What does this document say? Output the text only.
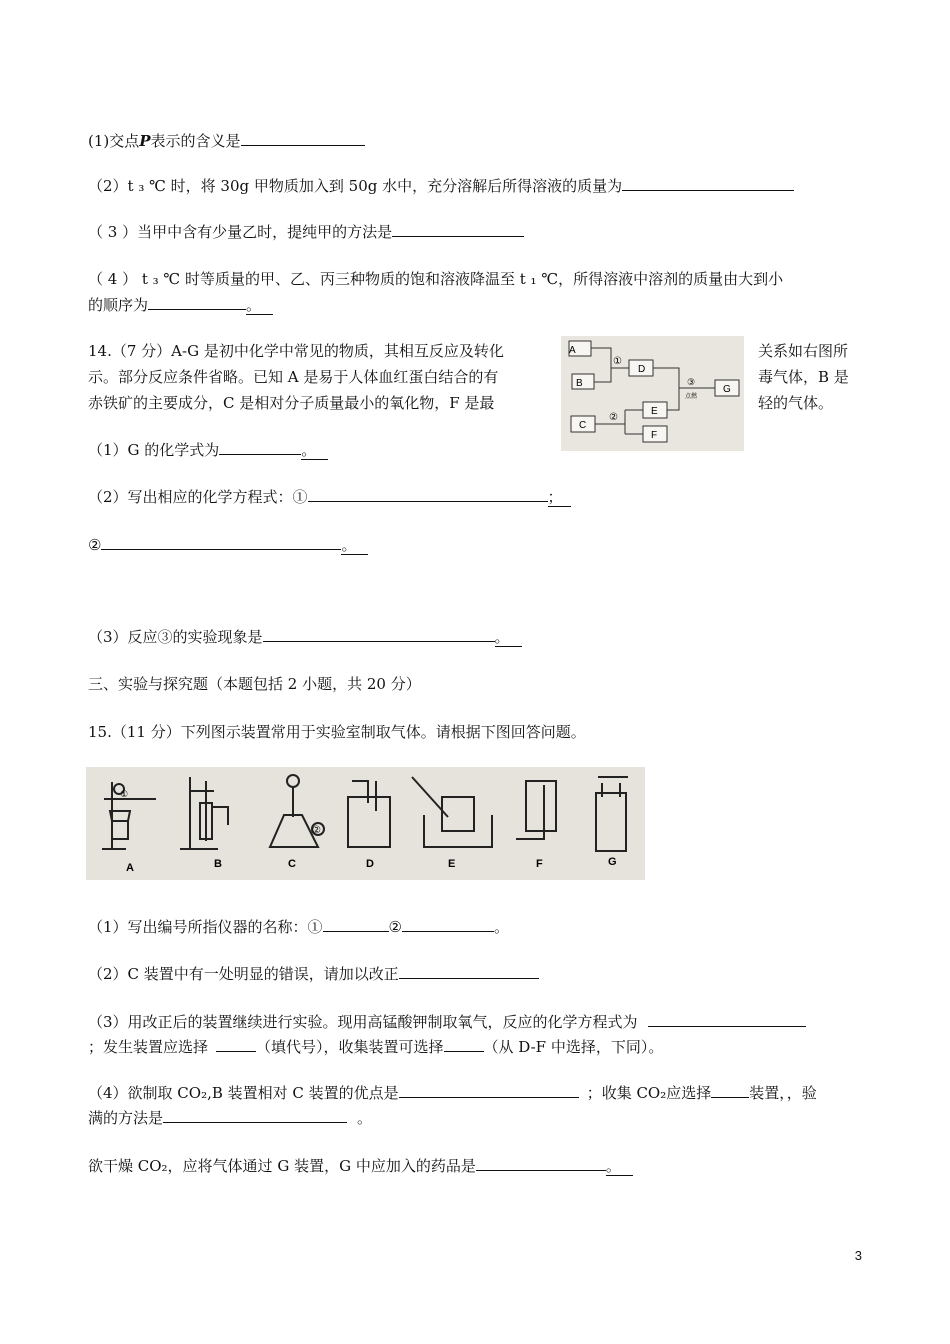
(1)交点P表示的含义是
（2）t ₃ ℃ 时，将 30g 甲物质加入到 50g 水中，充分溶解后所得溶液的质量为
（ 3 ）当甲中含有少量乙时，提纯甲的方法是
（ 4 ） t ₃ ℃ 时等质量的甲、乙、丙三种物质的饱和溶液降温至 t ₁ ℃，所得溶液中溶剂的质量由大到小
的顺序为	。
14.（7 分）A-G 是初中化学中常见的物质，其相互反应及转化
示。部分反应条件省略。已知 A 是易于人体血红蛋白结合的有
赤铁矿的主要成分，C 是相对分子质量最小的氧化物，F 是最
关系如右图所
毒气体，B 是
轻的气体。
A
B
C
D
E
F
G
①
②
③
点燃
（1）G 的化学式为	。
（2）写出相应的化学方程式：①	；
②	。
（3）反应③的实验现象是	。
三、实验与探究题（本题包括 2 小题，共 20 分）
15.（11 分）下列图示装置常用于实验室制取气体。请根据下图回答问题。
①
②
A	B	C	D	E	F	G
（1）写出编号所指仪器的名称：①	②	。
（2）C 装置中有一处明显的错误，请加以改正
（3）用改正后的装置继续进行实验。现用高锰酸钾制取氧气，反应的化学方程式为
；发生装置应选择	（填代号），收集装置可选择	（从 D-F 中选择，下同）。
（4）欲制取 CO₂,B 装置相对 C 装置的优点是	；收集 CO₂应选择	装置，，验
满的方法是	。
欲干燥 CO₂，应将气体通过 G 装置，G 中应加入的药品是	。
3
